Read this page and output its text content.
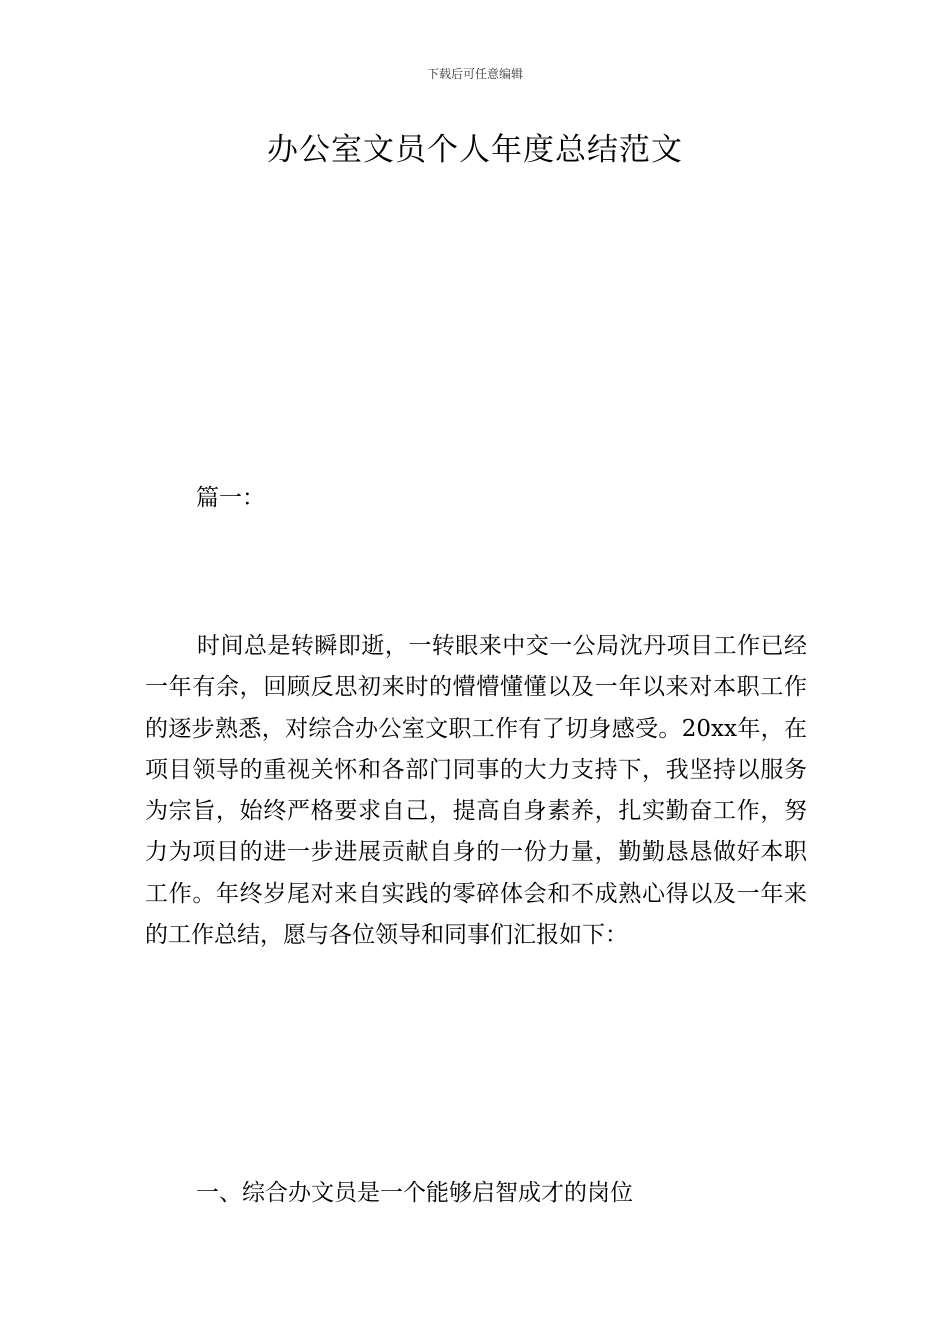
下载后可任意编辑
办公室文员个人年度总结范文
篇一：

时间总是转瞬即逝，一转眼来中交一公局沈丹项目工作已经一年有余，回顾反思初来时的懵懵懂懂以及一年以来对本职工作的逐步熟悉，对综合办公室文职工作有了切身感受。20xx年，在项目领导的重视关怀和各部门同事的大力支持下，我坚持以服务为宗旨，始终严格要求自己，提高自身素养，扎实勤奋工作，努力为项目的进一步进展贡献自身的一份力量，勤勤恳恳做好本职工作。年终岁尾对来自实践的零碎体会和不成熟心得以及一年来的工作总结，愿与各位领导和同事们汇报如下：

一、综合办文员是一个能够启智成才的岗位
